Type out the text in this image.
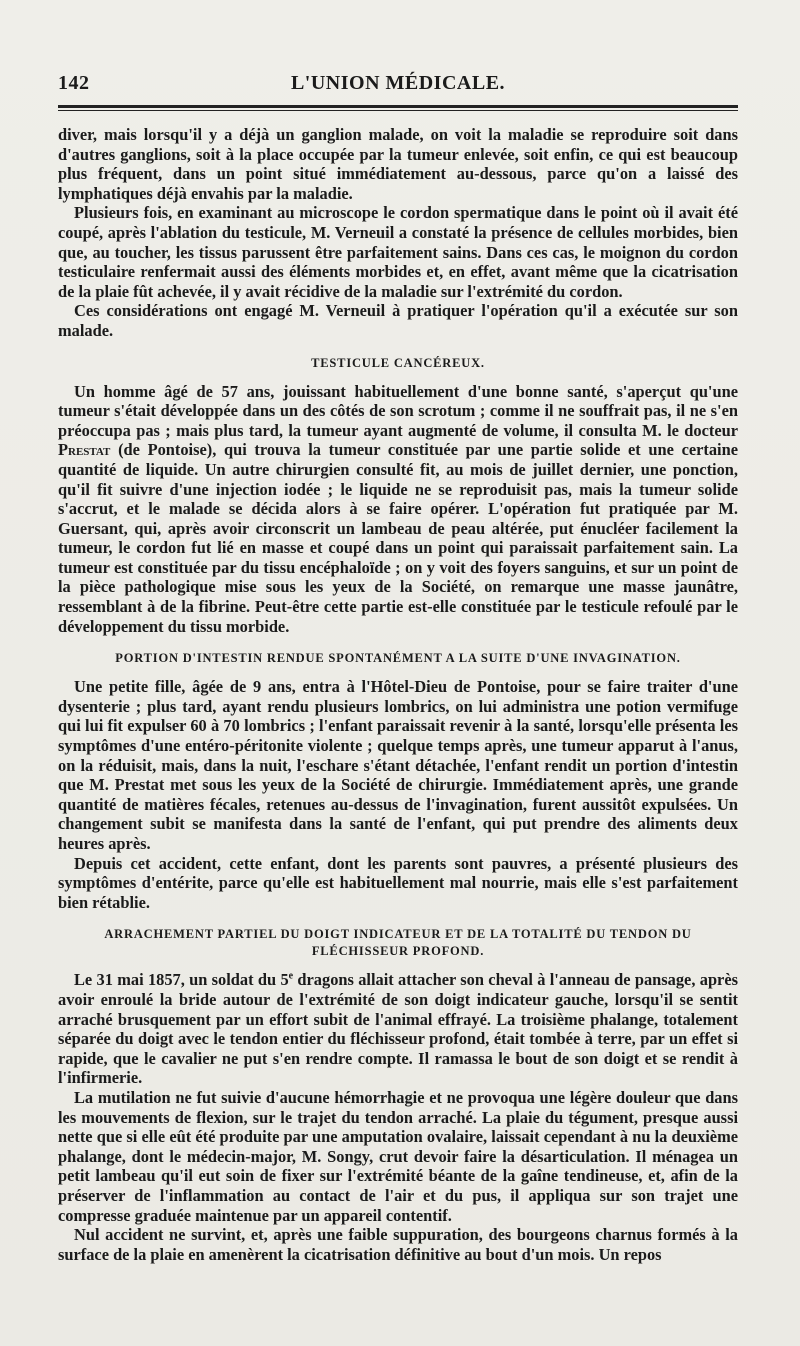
142	L'UNION MÉDICALE.

diver, mais lorsqu'il y a déjà un ganglion malade, on voit la maladie se reproduire soit dans d'autres ganglions, soit à la place occupée par la tumeur enlevée, soit enfin, ce qui est beaucoup plus fréquent, dans un point situé immédiatement au-dessous, parce qu'on a laissé des lymphatiques déjà envahis par la maladie.

Plusieurs fois, en examinant au microscope le cordon spermatique dans le point où il avait été coupé, après l'ablation du testicule, M. Verneuil a constaté la présence de cellules morbides, bien que, au toucher, les tissus parussent être parfaitement sains. Dans ces cas, le moignon du cordon testiculaire renfermait aussi des éléments morbides et, en effet, avant même que la cicatrisation de la plaie fût achevée, il y avait récidive de la maladie sur l'extrémité du cordon.

Ces considérations ont engagé M. Verneuil à pratiquer l'opération qu'il a exécutée sur son malade.

TESTICULE CANCÉREUX.

Un homme âgé de 57 ans, jouissant habituellement d'une bonne santé, s'aperçut qu'une tumeur s'était développée dans un des côtés de son scrotum ; comme il ne souffrait pas, il ne s'en préoccupa pas ; mais plus tard, la tumeur ayant augmenté de volume, il consulta M. le docteur Prestat (de Pontoise), qui trouva la tumeur constituée par une partie solide et une certaine quantité de liquide. Un autre chirurgien consulté fit, au mois de juillet dernier, une ponction, qu'il fit suivre d'une injection iodée ; le liquide ne se reproduisit pas, mais la tumeur solide s'accrut, et le malade se décida alors à se faire opérer. L'opération fut pratiquée par M. Guersant, qui, après avoir circonscrit un lambeau de peau altérée, put énucléer facilement la tumeur, le cordon fut lié en masse et coupé dans un point qui paraissait parfaitement sain. La tumeur est constituée par du tissu encéphaloïde ; on y voit des foyers sanguins, et sur un point de la pièce pathologique mise sous les yeux de la Société, on remarque une masse jaunâtre, ressemblant à de la fibrine. Peut-être cette partie est-elle constituée par le testicule refoulé par le développement du tissu morbide.

PORTION D'INTESTIN RENDUE SPONTANÉMENT A LA SUITE D'UNE INVAGINATION.

Une petite fille, âgée de 9 ans, entra à l'Hôtel-Dieu de Pontoise, pour se faire traiter d'une dysenterie ; plus tard, ayant rendu plusieurs lombrics, on lui administra une potion vermifuge qui lui fit expulser 60 à 70 lombrics ; l'enfant paraissait revenir à la santé, lorsqu'elle présenta les symptômes d'une entéro-péritonite violente ; quelque temps après, une tumeur apparut à l'anus, on la réduisit, mais, dans la nuit, l'eschare s'étant détachée, l'enfant rendit un portion d'intestin que M. Prestat met sous les yeux de la Société de chirurgie. Immédiatement après, une grande quantité de matières fécales, retenues au-dessus de l'invagination, furent aussitôt expulsées. Un changement subit se manifesta dans la santé de l'enfant, qui put prendre des aliments deux heures après.

Depuis cet accident, cette enfant, dont les parents sont pauvres, a présenté plusieurs des symptômes d'entérite, parce qu'elle est habituellement mal nourrie, mais elle s'est parfaitement bien rétablie.

ARRACHEMENT PARTIEL DU DOIGT INDICATEUR ET DE LA TOTALITÉ DU TENDON DU
FLÉCHISSEUR PROFOND.

Le 31 mai 1857, un soldat du 5e dragons allait attacher son cheval à l'anneau de pansage, après avoir enroulé la bride autour de l'extrémité de son doigt indicateur gauche, lorsqu'il se sentit arraché brusquement par un effort subit de l'animal effrayé. La troisième phalange, totalement séparée du doigt avec le tendon entier du fléchisseur profond, était tombée à terre, par un effet si rapide, que le cavalier ne put s'en rendre compte. Il ramassa le bout de son doigt et se rendit à l'infirmerie.

La mutilation ne fut suivie d'aucune hémorrhagie et ne provoqua une légère douleur que dans les mouvements de flexion, sur le trajet du tendon arraché. La plaie du tégument, presque aussi nette que si elle eût été produite par une amputation ovalaire, laissait cependant à nu la deuxième phalange, dont le médecin-major, M. Songy, crut devoir faire la désarticulation. Il ménagea un petit lambeau qu'il eut soin de fixer sur l'extrémité béante de la gaîne tendineuse, et, afin de la préserver de l'inflammation au contact de l'air et du pus, il appliqua sur son trajet une compresse graduée maintenue par un appareil contentif.

Nul accident ne survint, et, après une faible suppuration, des bourgeons charnus formés à la surface de la plaie en amenèrent la cicatrisation définitive au bout d'un mois. Un repos
